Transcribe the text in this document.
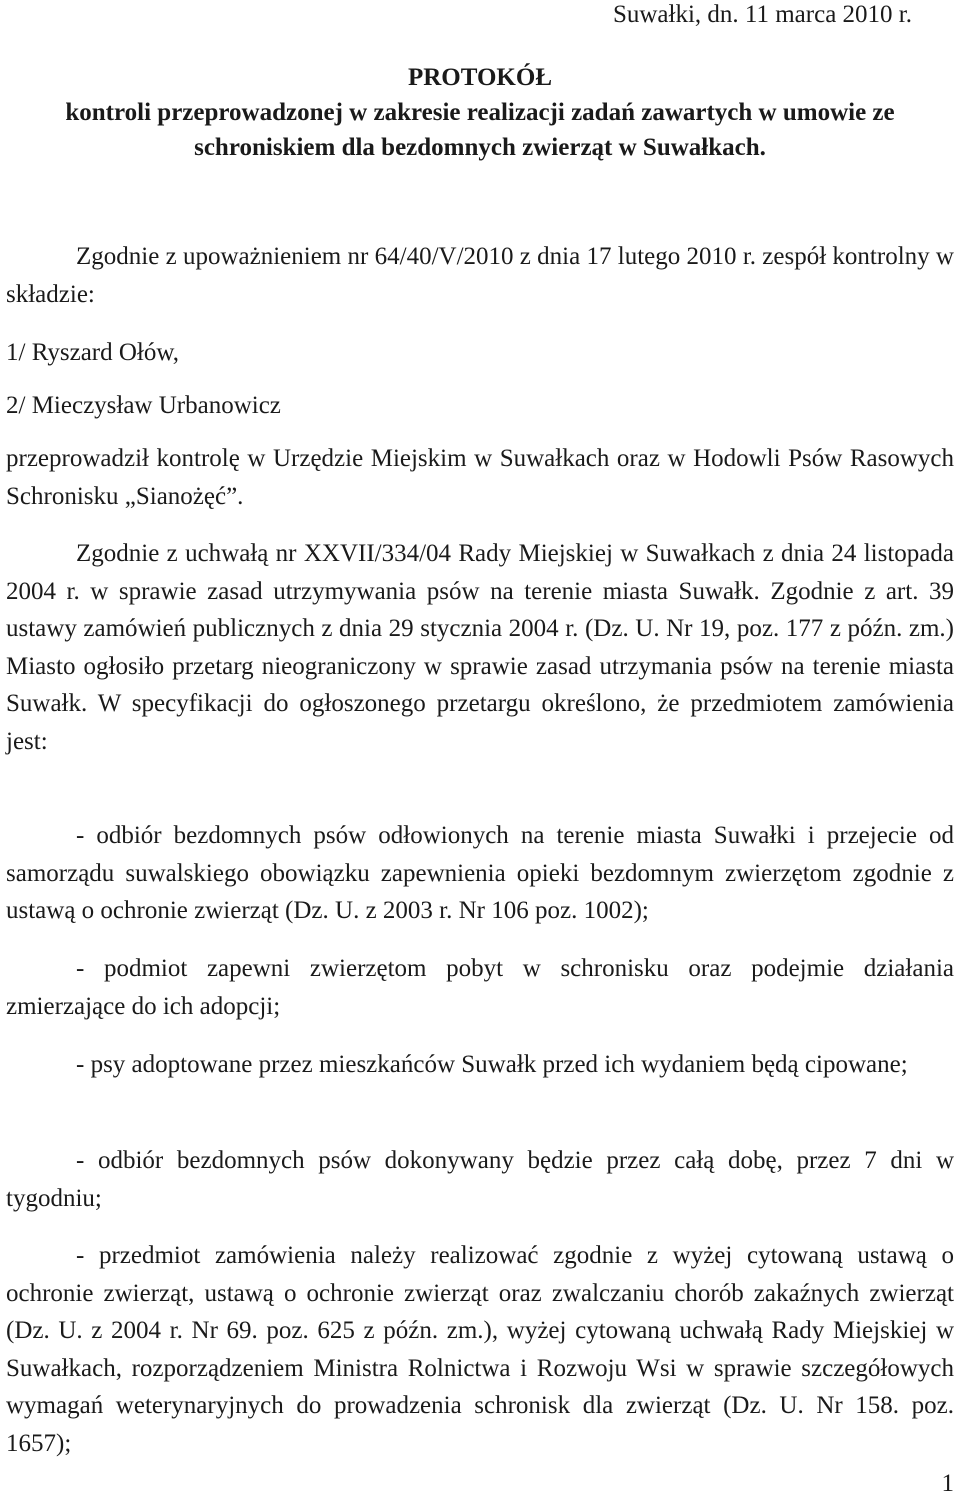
Suwałki, dn. 11 marca 2010 r.
PROTOKÓŁ
kontroli przeprowadzonej w zakresie realizacji zadań zawartych w umowie ze
schroniskiem dla bezdomnych zwierząt w Suwałkach.
Zgodnie z upoważnieniem nr 64/40/V/2010 z dnia 17 lutego 2010 r. zespół kontrolny w składzie:
1/ Ryszard Ołów,
2/ Mieczysław Urbanowicz
przeprowadził kontrolę w Urzędzie Miejskim w Suwałkach oraz w Hodowli Psów Rasowych Schronisku „Sianożęć”.
Zgodnie z uchwałą nr XXVII/334/04 Rady Miejskiej w Suwałkach z dnia 24 listopada 2004 r. w sprawie zasad utrzymywania psów na terenie miasta Suwałk. Zgodnie z art. 39 ustawy zamówień publicznych z dnia 29 stycznia 2004 r. (Dz. U. Nr 19, poz. 177 z późn. zm.) Miasto ogłosiło przetarg nieograniczony w sprawie zasad utrzymania psów na terenie miasta Suwałk. W specyfikacji do ogłoszonego przetargu określono, że przedmiotem zamówienia jest:
- odbiór bezdomnych psów odłowionych na terenie miasta Suwałki i przejecie od samorządu suwalskiego obowiązku zapewnienia opieki bezdomnym zwierzętom zgodnie z ustawą o ochronie zwierząt (Dz. U. z 2003 r. Nr 106 poz. 1002);
- podmiot zapewni zwierzętom pobyt w schronisku oraz podejmie działania zmierzające do ich adopcji;
- psy adoptowane przez mieszkańców Suwałk przed ich wydaniem będą cipowane;
- odbiór bezdomnych psów dokonywany będzie przez całą dobę, przez 7 dni w tygodniu;
- przedmiot zamówienia należy realizować zgodnie z wyżej cytowaną ustawą o ochronie zwierząt, ustawą o ochronie zwierząt oraz zwalczaniu chorób zakaźnych zwierząt (Dz. U. z 2004 r. Nr 69. poz. 625 z późn. zm.), wyżej cytowaną uchwałą Rady Miejskiej w Suwałkach, rozporządzeniem Ministra Rolnictwa i Rozwoju Wsi w sprawie szczegółowych wymagań weterynaryjnych do prowadzenia schronisk dla zwierząt (Dz. U. Nr 158. poz. 1657);
1
